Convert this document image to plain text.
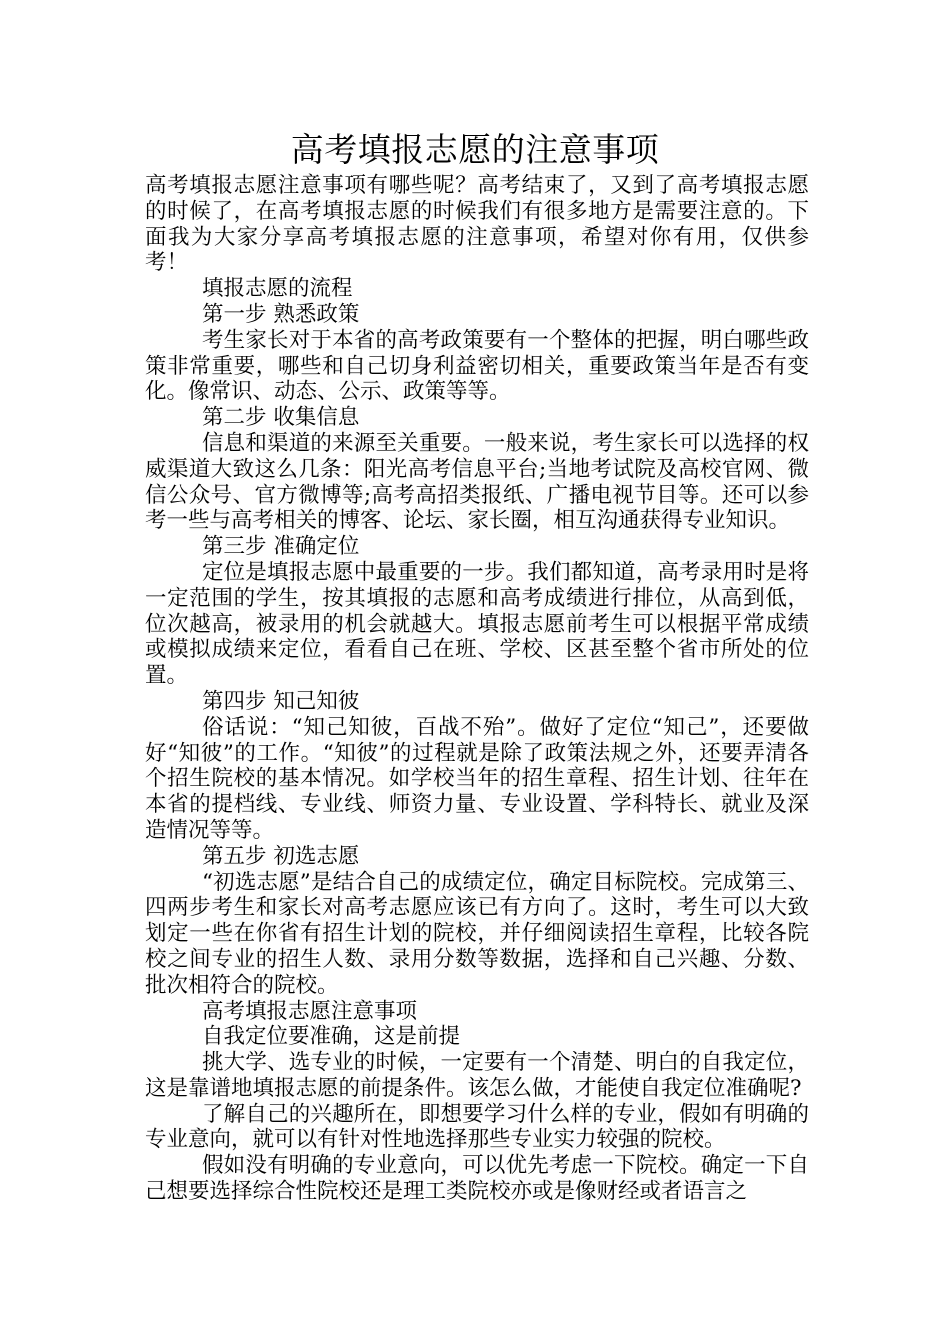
高考填报志愿的注意事项

高考填报志愿注意事项有哪些呢？高考结束了，又到了高考填报志愿的时候了，在高考填报志愿的时候我们有很多地方是需要注意的。下面我为大家分享高考填报志愿的注意事项，希望对你有用，仅供参考！

填报志愿的流程

第一步 熟悉政策

考生家长对于本省的高考政策要有一个整体的把握，明白哪些政策非常重要，哪些和自己切身利益密切相关，重要政策当年是否有变化。像常识、动态、公示、政策等等。

第二步 收集信息

信息和渠道的来源至关重要。一般来说，考生家长可以选择的权威渠道大致这么几条：阳光高考信息平台;当地考试院及高校官网、微信公众号、官方微博等;高考高招类报纸、广播电视节目等。还可以参考一些与高考相关的博客、论坛、家长圈，相互沟通获得专业知识。

第三步 准确定位

定位是填报志愿中最重要的一步。我们都知道，高考录用时是将一定范围的学生，按其填报的志愿和高考成绩进行排位，从高到低，位次越高，被录用的机会就越大。填报志愿前考生可以根据平常成绩或模拟成绩来定位，看看自己在班、学校、区甚至整个省市所处的位置。

第四步 知己知彼

俗话说：“知己知彼，百战不殆”。做好了定位“知己”，还要做好“知彼”的工作。“知彼”的过程就是除了政策法规之外，还要弄清各个招生院校的基本情况。如学校当年的招生章程、招生计划、往年在本省的提档线、专业线、师资力量、专业设置、学科特长、就业及深造情况等等。

第五步 初选志愿

“初选志愿”是结合自己的成绩定位，确定目标院校。完成第三、四两步考生和家长对高考志愿应该已有方向了。这时，考生可以大致划定一些在你省有招生计划的院校，并仔细阅读招生章程，比较各院校之间专业的招生人数、录用分数等数据，选择和自己兴趣、分数、批次相符合的院校。

高考填报志愿注意事项

自我定位要准确，这是前提

挑大学、选专业的时候，一定要有一个清楚、明白的自我定位，这是靠谱地填报志愿的前提条件。该怎么做，才能使自我定位准确呢?

了解自己的兴趣所在，即想要学习什么样的专业，假如有明确的专业意向，就可以有针对性地选择那些专业实力较强的院校。

假如没有明确的专业意向，可以优先考虑一下院校。确定一下自己想要选择综合性院校还是理工类院校亦或是像财经或者语言之
